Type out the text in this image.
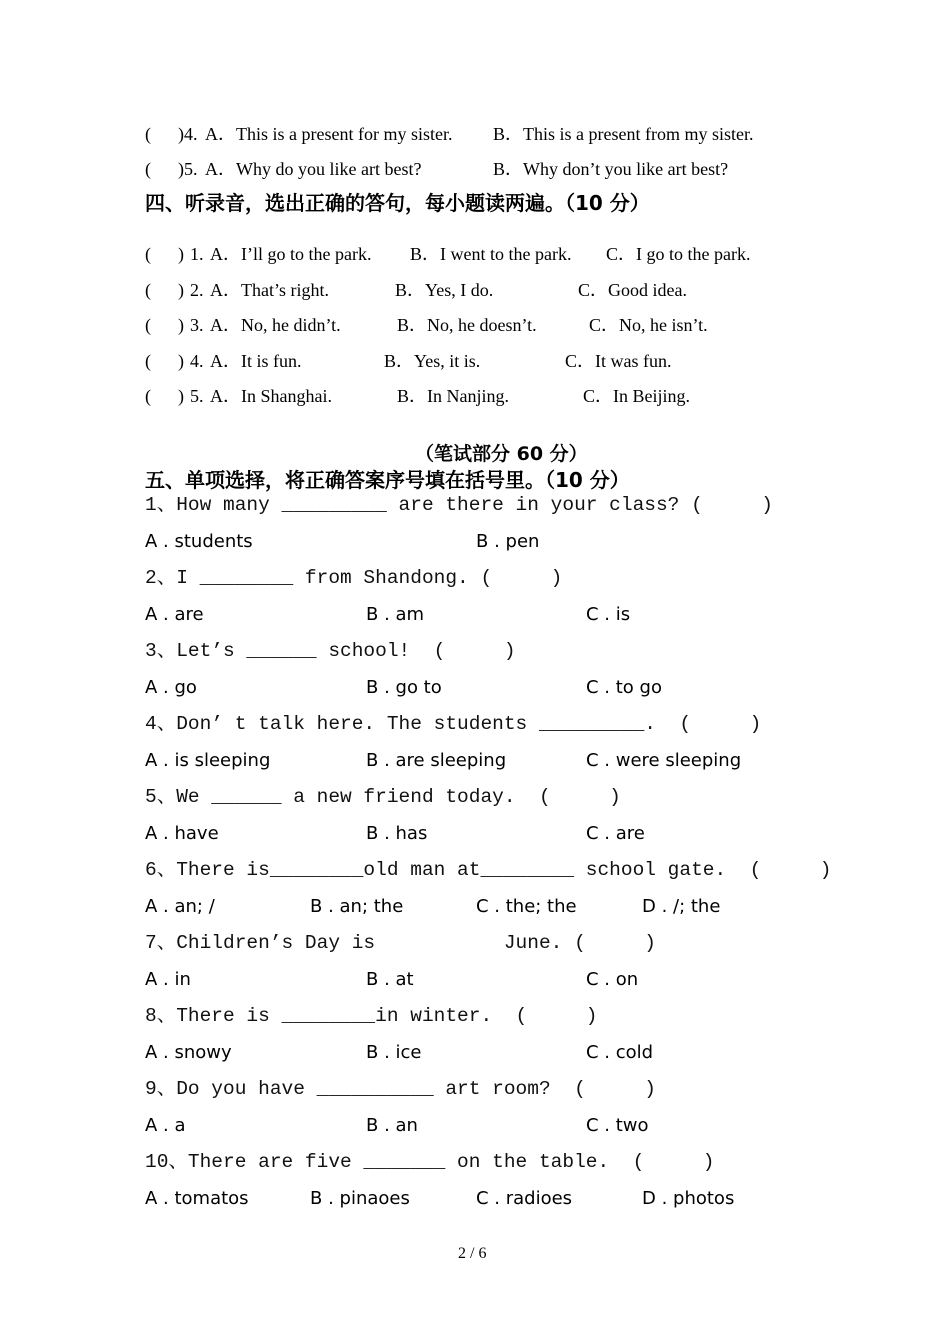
(      ) 4. A．This is a present for my sister. B．This is a present from my sister.
(      ) 5. A．Why do you like art best?	B．Why don’t you like art best?
四、听录音，选出正确的答句，每小题读两遍。（10 分）
(      ) 1. A．I’ll go to the park. B．I went to the park. C．I go to the park.
(      ) 2. A．That’s right.	B．Yes, I do.	C．Good idea.
(      ) 3. A．No, he didn’t.	B．No, he doesn’t.	C．No, he isn’t.
(      ) 4. A．It is fun.	B．Yes, it is.	C．It was fun.
(      ) 5. A．In Shanghai.	B．In Nanjing.	C．In Beijing.
（笔试部分 60 分）
五、单项选择，将正确答案序号填在括号里。（10 分）
1、How many _________ are there in your class? (     )
A . students	B . pen
2、I ________ from Shandong. (     )
A . are	B . am	C . is
3、Let’s ______ school!  (     )
A . go	B . go to	C . to go
4、Don’ t talk here. The students _________.  (     )
A . is sleeping	B . are sleeping	C . were sleeping
5、We ______ a new friend today.  (     )
A . have	B . has	C . are
6、There is________old man at________ school gate.  (     )
A . an; /	B . an; the	C . the; the	D . /; the
7、Children’s Day is           June. (     )
A . in	B . at	C . on
8、There is ________in winter.  (     )
A . snowy	B . ice	C . cold
9、Do you have __________ art room?  (     )
A . a	B . an	C . two
10、There are five _______ on the table.  (     )
A . tomatos	B . pinaoes	C . radioes	D . photos
2 / 6
